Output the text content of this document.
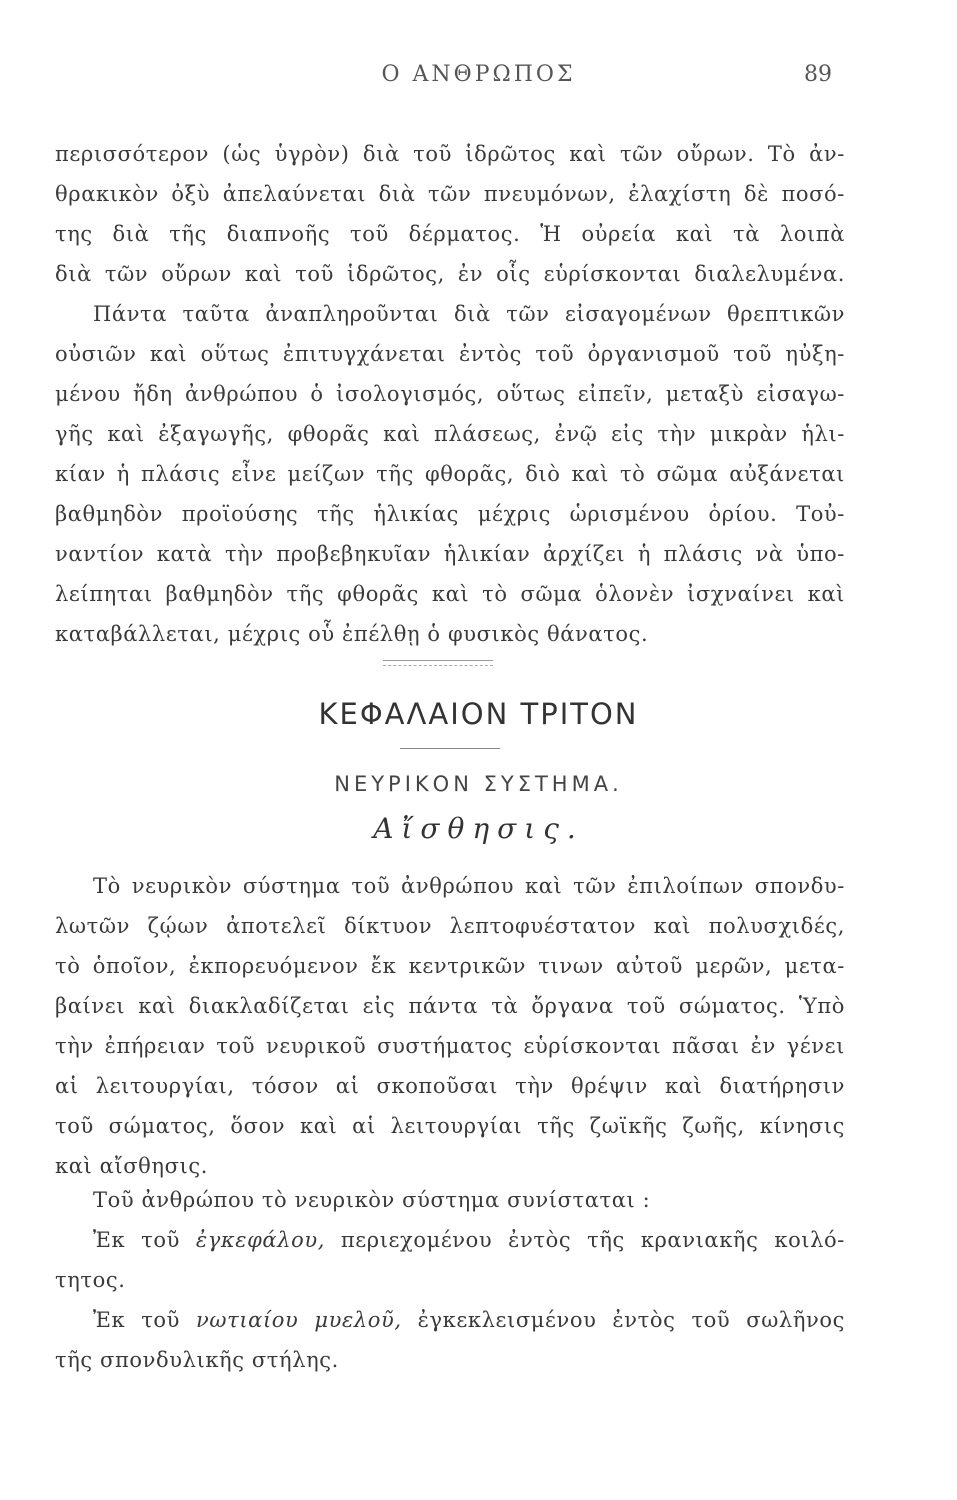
Ο ΑΝΘΡΩΠΟΣ	89
περισσότερον (ὡς ὑγρὸν) διὰ τοῦ ἱδρῶτος καὶ τῶν οὔρων. Τὸ ἀν-
θρακικὸν ὀξὺ ἀπελαύνεται διὰ τῶν πνευμόνων, ἐλαχίστη δὲ ποσό-
της διὰ τῆς διαπνοῆς τοῦ δέρματος. Ἡ οὐρεία καὶ τὰ λοιπὰ
διὰ τῶν οὔρων καὶ τοῦ ἱδρῶτος, ἐν οἷς εὑρίσκονται διαλελυμένα.
Πάντα ταῦτα ἀναπληροῦνται διὰ τῶν εἰσαγομένων θρεπτικῶν
οὐσιῶν καὶ οὕτως ἐπιτυγχάνεται ἐντὸς τοῦ ὀργανισμοῦ τοῦ ηὐξη-
μένου ἤδη ἀνθρώπου ὁ ἰσολογισμός, οὕτως εἰπεῖν, μεταξὺ εἰσαγω-
γῆς καὶ ἐξαγωγῆς, φθορᾶς καὶ πλάσεως, ἐνῷ εἰς τὴν μικρὰν ἡλι-
κίαν ἡ πλάσις εἶνε μείζων τῆς φθορᾶς, διὸ καὶ τὸ σῶμα αὐξάνεται
βαθμηδὸν προϊούσης τῆς ἡλικίας μέχρις ὡρισμένου ὁρίου. Τοὐ-
ναντίον κατὰ τὴν προβεβηκυῖαν ἡλικίαν ἀρχίζει ἡ πλάσις νὰ ὑπο-
λείπηται βαθμηδὸν τῆς φθορᾶς καὶ τὸ σῶμα ὁλονὲν ἰσχναίνει καὶ
καταβάλλεται, μέχρις οὗ ἐπέλθῃ ὁ φυσικὸς θάνατος.
ΚΕΦΑΛΑΙΟΝ ΤΡΙΤΟΝ
ΝΕΥΡΙΚΟΝ ΣΥΣΤΗΜΑ.
Αἴσθησις.
Τὸ νευρικὸν σύστημα τοῦ ἀνθρώπου καὶ τῶν ἐπιλοίπων σπονδυ-
λωτῶν ζῴων ἀποτελεῖ δίκτυον λεπτοφυέστατον καὶ πολυσχιδές,
τὸ ὁποῖον, ἐκπορευόμενον ἔκ κεντρικῶν τινων αὐτοῦ μερῶν, μετα-
βαίνει καὶ διακλαδίζεται εἰς πάντα τὰ ὄργανα τοῦ σώματος. Ὑπὸ
τὴν ἐπήρειαν τοῦ νευρικοῦ συστήματος εὑρίσκονται πᾶσαι ἐν γένει
αἱ λειτουργίαι, τόσον αἱ σκοποῦσαι τὴν θρέψιν καὶ διατήρησιν
τοῦ σώματος, ὅσον καὶ αἱ λειτουργίαι τῆς ζωϊκῆς ζωῆς, κίνησις
καὶ αἴσθησις.
Τοῦ ἀνθρώπου τὸ νευρικὸν σύστημα συνίσταται :
Ἐκ τοῦ ἐγκεφάλου, περιεχομένου ἐντὸς τῆς κρανιακῆς κοιλό-
τητος.
Ἐκ τοῦ νωτιαίου μυελοῦ, ἐγκεκλεισμένου ἐντὸς τοῦ σωλῆνος
τῆς σπονδυλικῆς στήλης.
